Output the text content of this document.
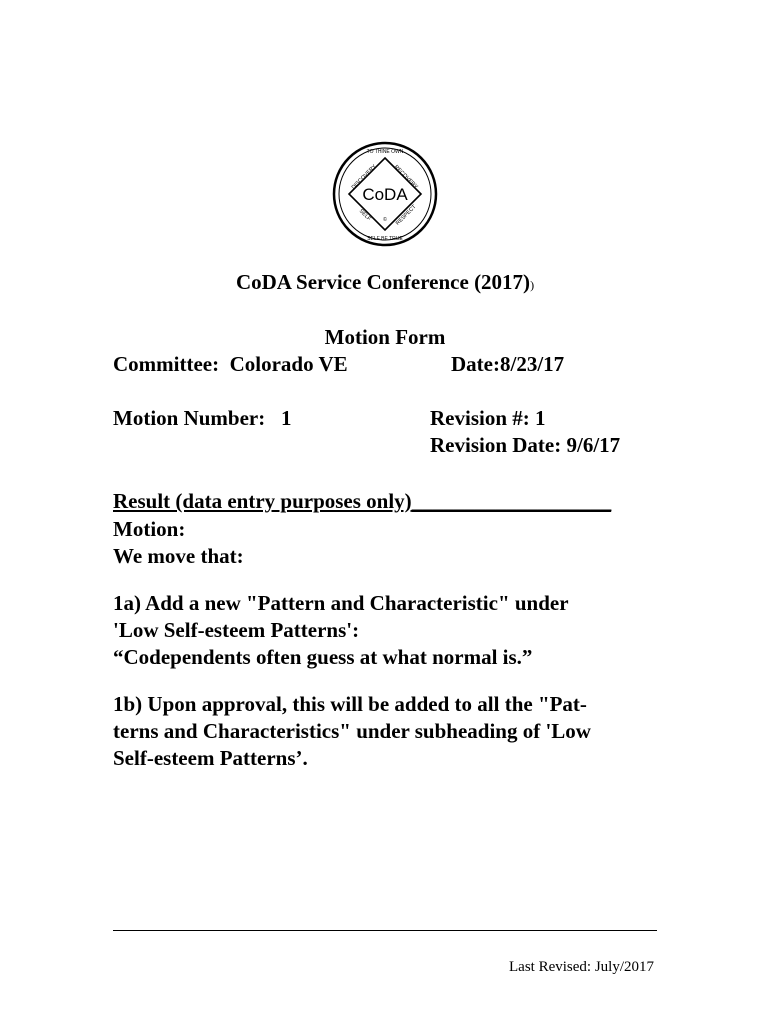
CoDA
TO THINE OWN
SELF BE TRUE
DISCOVERY	RECOVERY
SELF	RESPECT
©
CoDA Service Conference (2017))
Motion Form
Committee: Colorado VE	Date:8/23/17
Motion Number: 1	Revision #: 1
Revision Date: 9/6/17
Result (data entry purposes only)___________________
Motion:
We move that:
1a) Add a new "Pattern and Characteristic" under
'Low Self-esteem Patterns':
“Codependents often guess at what normal is.”
1b) Upon approval, this will be added to all the "Pat-
terns and Characteristics" under subheading of 'Low
Self-esteem Patterns’.
Last Revised: July/2017
